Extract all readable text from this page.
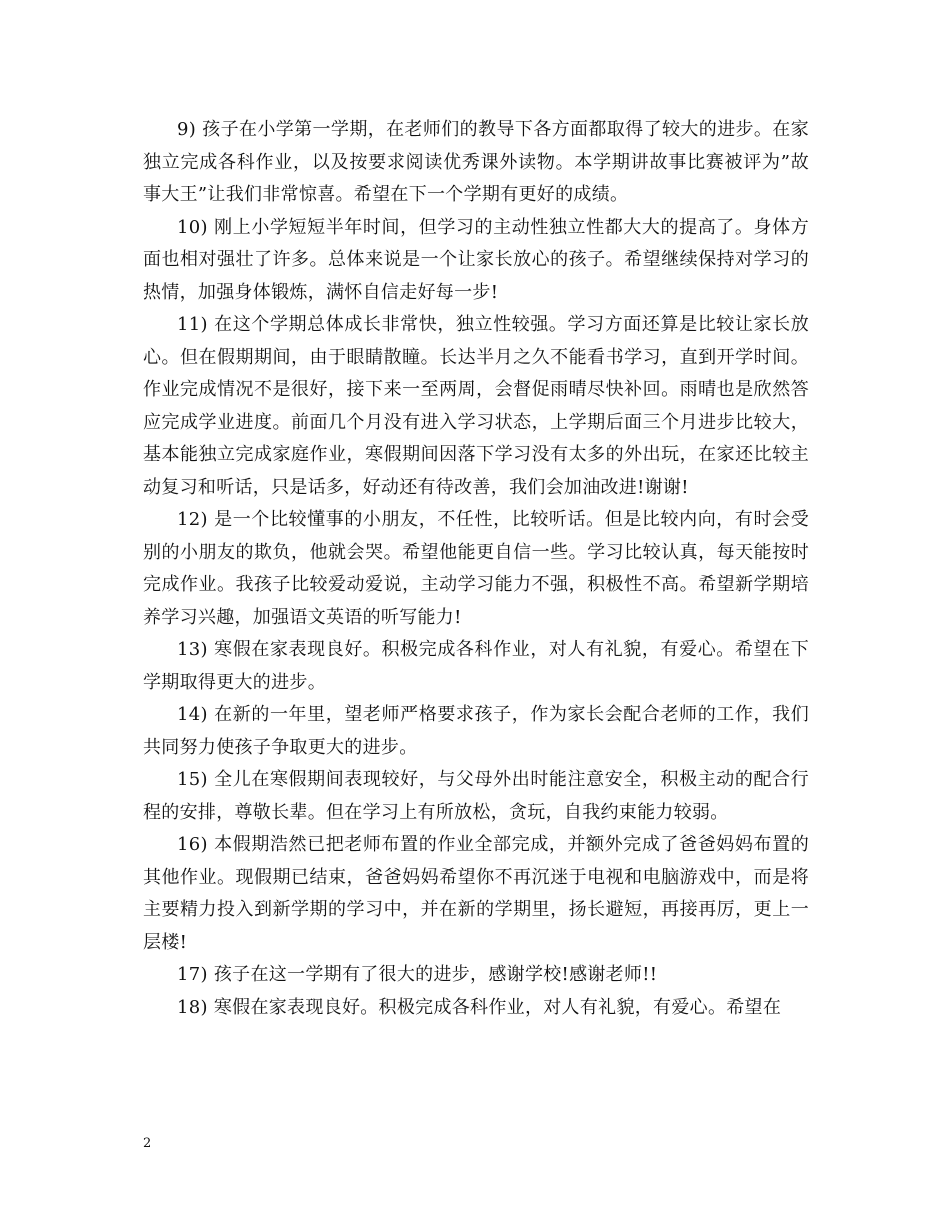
9) 孩子在小学第一学期，在老师们的教导下各方面都取得了较大的进步。在家独立完成各科作业，以及按要求阅读优秀课外读物。本学期讲故事比赛被评为”故事大王”让我们非常惊喜。希望在下一个学期有更好的成绩。

10) 刚上小学短短半年时间，但学习的主动性独立性都大大的提高了。身体方面也相对强壮了许多。总体来说是一个让家长放心的孩子。希望继续保持对学习的热情，加强身体锻炼，满怀自信走好每一步!

11) 在这个学期总体成长非常快，独立性较强。学习方面还算是比较让家长放心。但在假期期间，由于眼睛散瞳。长达半月之久不能看书学习，直到开学时间。作业完成情况不是很好，接下来一至两周，会督促雨晴尽快补回。雨晴也是欣然答应完成学业进度。前面几个月没有进入学习状态，上学期后面三个月进步比较大，基本能独立完成家庭作业，寒假期间因落下学习没有太多的外出玩，在家还比较主动复习和听话，只是话多，好动还有待改善，我们会加油改进!谢谢!

12) 是一个比较懂事的小朋友，不任性，比较听话。但是比较内向，有时会受别的小朋友的欺负，他就会哭。希望他能更自信一些。学习比较认真，每天能按时完成作业。我孩子比较爱动爱说，主动学习能力不强，积极性不高。希望新学期培养学习兴趣，加强语文英语的听写能力!

13) 寒假在家表现良好。积极完成各科作业，对人有礼貌，有爱心。希望在下学期取得更大的进步。

14) 在新的一年里，望老师严格要求孩子，作为家长会配合老师的工作，我们共同努力使孩子争取更大的进步。

15) 全儿在寒假期间表现较好，与父母外出时能注意安全，积极主动的配合行程的安排，尊敬长辈。但在学习上有所放松，贪玩，自我约束能力较弱。

16) 本假期浩然已把老师布置的作业全部完成，并额外完成了爸爸妈妈布置的其他作业。现假期已结束，爸爸妈妈希望你不再沉迷于电视和电脑游戏中，而是将主要精力投入到新学期的学习中，并在新的学期里，扬长避短，再接再厉，更上一层楼!

17) 孩子在这一学期有了很大的进步，感谢学校!感谢老师!!

18) 寒假在家表现良好。积极完成各科作业，对人有礼貌，有爱心。希望在

2
